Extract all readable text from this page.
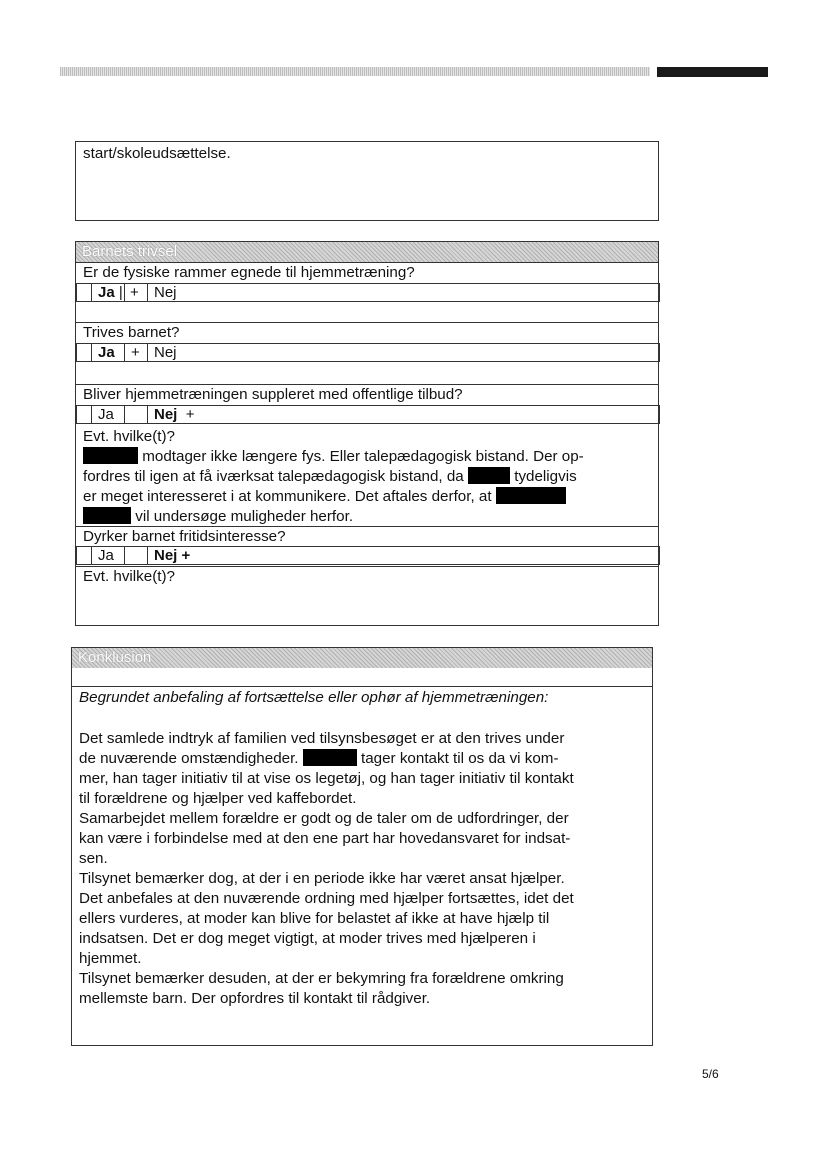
start/skoleudsættelse.
Barnets trivsel
Er de fysiske rammer egnede til hjemmetræning?
Ja | +	Nej
Trives barnet?
Ja	+ Nej
Bliver hjemmetræningen suppleret med offentlige tilbud?
Ja	Nej +
Evt. hvilke(t)?
modtager ikke længere fys. Eller talepædagogisk bistand. Der op-
fordres til igen at få iværksat talepædagogisk bistand, da	tydeligvis
er meget interesseret i at kommunikere. Det aftales derfor, at
vil undersøge muligheder herfor.
Dyrker barnet fritidsinteresse?
Ja	Nej +
Evt. hvilke(t)?
Konklusion
Begrundet anbefaling af fortsættelse eller ophør af hjemmetræningen:
Det samlede indtryk af familien ved tilsynsbesøget er at den trives under
de nuværende omstændigheder.	tager kontakt til os da vi kom-
mer, han tager initiativ til at vise os legetøj, og han tager initiativ til kontakt
til forældrene og hjælper ved kaffebordet.
Samarbejdet mellem forældre er godt og de taler om de udfordringer, der
kan være i forbindelse med at den ene part har hovedansvaret for indsat-
sen.
Tilsynet bemærker dog, at der i en periode ikke har været ansat hjælper.
Det anbefales at den nuværende ordning med hjælper fortsættes, idet det
ellers vurderes, at moder kan blive for belastet af ikke at have hjælp til
indsatsen. Det er dog meget vigtigt, at moder trives med hjælperen i
hjemmet.
Tilsynet bemærker desuden, at der er bekymring fra forældrene omkring
mellemste barn. Der opfordres til kontakt til rådgiver.
5/6
